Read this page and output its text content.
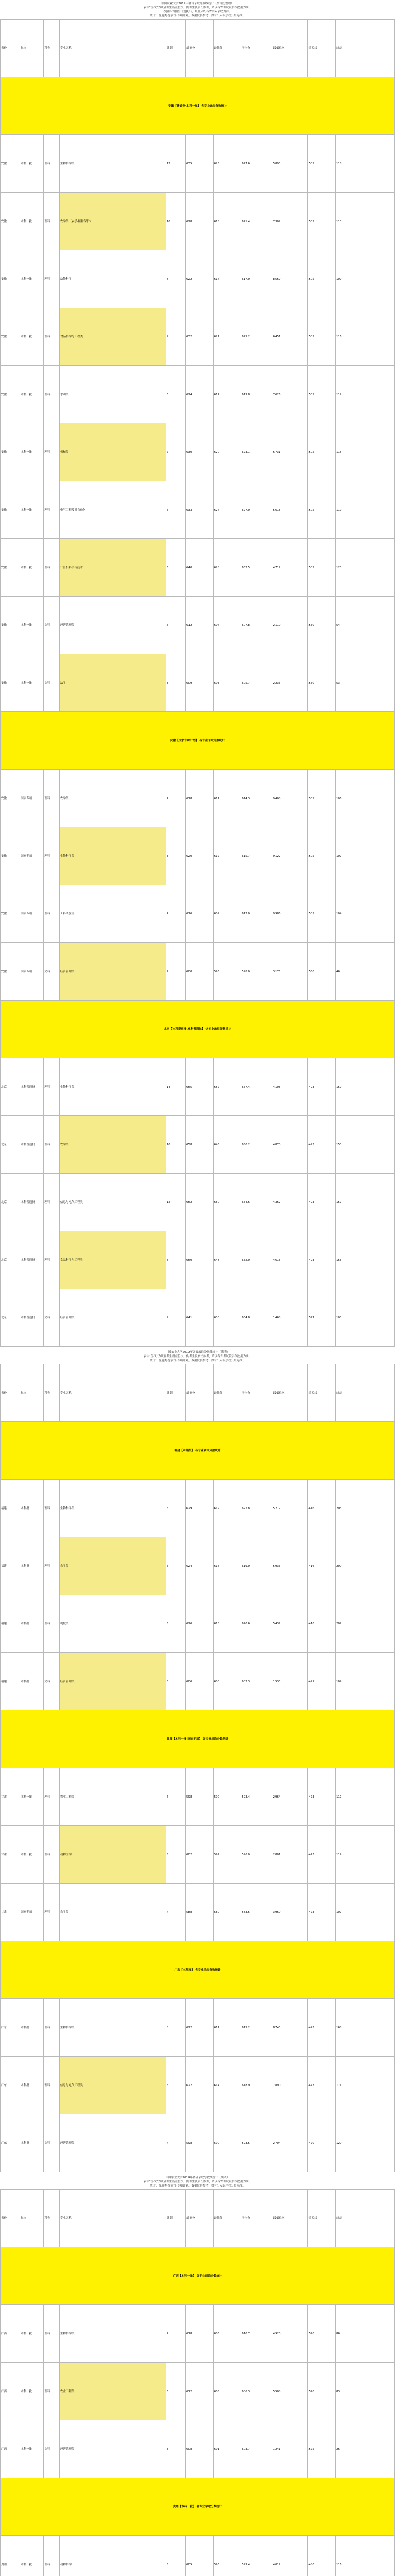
中国农业大学2019年各省录取分数线统计（按省份整理）
表中“位次”为该省考生所在位次，供考生及家长参考，请以各省考试院公布数据为准。
按照各省招生计划执行，最低分以各省实际录取为准。
统计：普通类·提前批·专项计划，数据仅供参考，如有出入以学校公布为准。
省份	批次	科类	专业名称	计划	最高分	最低分	平均分	最低位次	省控线	线差
安徽【普通类·本科一批】 各专业录取分数统计										
安徽	本科一批	理科	生物科学类	12	635	623	627.6	5893	505	118
安徽	本科一批	理科	农学类（农学·植物保护）	10	628	618	621.4	7302	505	113
安徽	本科一批	理科	动物科学	8	622	614	617.0	8569	505	109
安徽	本科一批	理科	食品科学与工程类	9	632	621	625.2	6451	505	116
安徽	本科一批	理科	水利类	6	624	617	619.8	7626	505	112
安徽	本科一批	理科	机械类	7	630	620	623.1	6731	505	115
安徽	本科一批	理科	电气工程及其自动化	5	633	624	627.0	5618	505	119
安徽	本科一批	理科	计算机科学与技术	6	640	628	632.5	4712	505	123
安徽	本科一批	文科	经济管理类	5	612	604	607.8	2110	550	54
安徽	本科一批	文科	法学	3	609	603	605.7	2233	550	53
安徽【国家专项计划】 各专业录取分数统计										
安徽	国家专项	理科	农学类	4	618	611	614.3	9408	505	106
安徽	国家专项	理科	生物科学类	3	620	612	615.7	9122	505	107
安徽	国家专项	理科	工科试验班	4	616	609	612.0	9986	505	104
安徽	国家专项	文科	经济管理类	2	600	596	598.0	3175	550	46
北京【本科提前批·本科普通批】 各专业录取分数统计										
北京	本科普通批	理科	生物科学类	14	665	652	657.4	4108	493	159
北京	本科普通批	理科	农学类	10	658	646	650.2	4870	493	153
北京	本科普通批	理科	信息与电气工程类	12	662	650	654.6	4362	493	157
北京	本科普通批	理科	食品科学与工程类	8	660	648	652.0	4615	493	155
北京	本科普通批	文科	经济管理类	9	641	630	634.8	1468	527	103
中国农业大学2019年各省录取分数线统计（续表）
表中“位次”为该省考生所在位次，供考生及家长参考，请以各省考试院公布数据为准。
统计：普通类·提前批·专项计划，数据仅供参考，如有出入以学校公布为准。
省份	批次	科类	专业名称	计划	最高分	最低分	平均分	最低位次	省控线	线差
福建【本科批】 各专业录取分数统计										
福建	本科批	理科	生物科学类	6	629	619	622.8	5212	416	203
福建	本科批	理科	农学类	5	624	616	619.0	5933	416	200
福建	本科批	理科	机械类	5	626	618	620.6	5437	416	202
福建	本科批	文科	经济管理类	3	606	600	602.3	1533	491	109
甘肃【本科一批·国家专项】 各专业录取分数统计										
甘肃	本科一批	理科	农业工程类	6	598	590	593.4	2964	473	117
甘肃	本科一批	理科	动物医学	5	602	592	596.0	2801	473	119
甘肃	国家专项	理科	农学类	4	588	580	583.5	3960	473	107
广东【本科批】 各专业录取分数统计										
广东	本科批	理科	生物科学类	8	622	611	615.2	8743	443	168
广东	本科批	理科	信息与电气工程类	6	627	614	618.9	7890	443	171
广东	本科批	文科	经济管理类	4	598	590	593.5	2704	470	120
中国农业大学2019年各省录取分数线统计（续表）
表中“位次”为该省考生所在位次，供考生及家长参考，请以各省考试院公布数据为准。
统计：普通类·提前批·专项计划，数据仅供参考，如有出入以学校公布为准。
省份	批次	科类	专业名称	计划	最高分	最低分	平均分	最低位次	省控线	线差
广西【本科一批】 各专业录取分数统计										
广西	本科一批	理科	生物科学类	7	618	606	610.7	4920	520	86
广西	本科一批	理科	农业工程类	6	612	603	606.3	5508	520	83
广西	本科一批	文科	经济管理类	3	608	601	603.7	1241	575	26
贵州【本科一批】 各专业录取分数统计										
贵州	本科一批	理科	动物科学	5	605	596	599.4	4012	480	116
